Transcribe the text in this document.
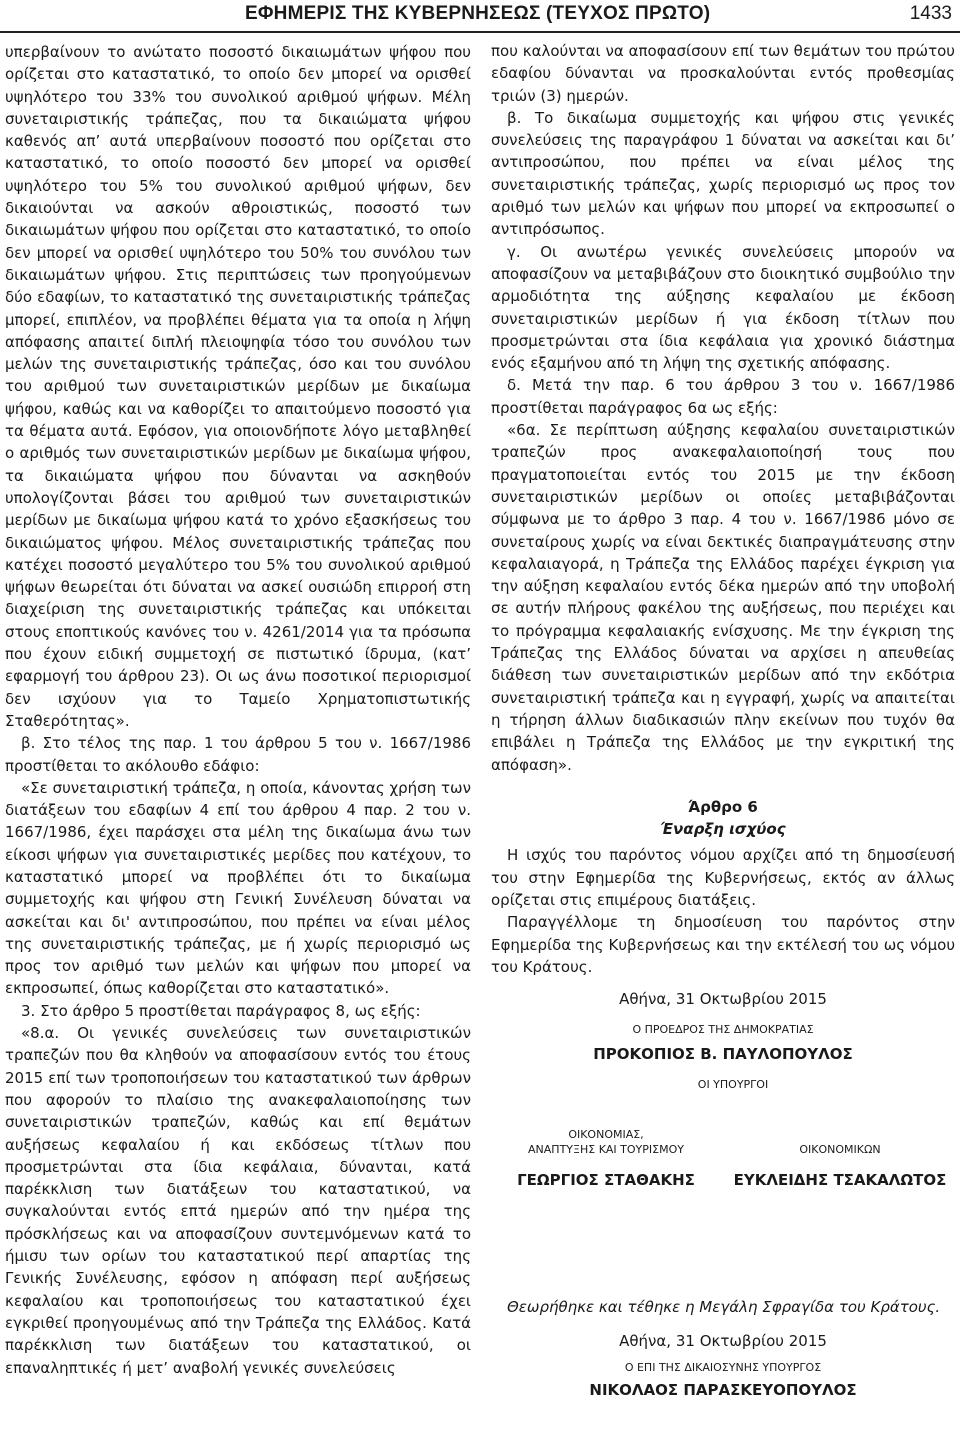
ΕΦΗΜΕΡΙΣ ΤΗΣ ΚΥΒΕΡΝΗΣΕΩΣ (ΤΕΥΧΟΣ ΠΡΩΤΟ)	1433

υπερβαίνουν το ανώτατο ποσοστό δικαιωμάτων ψήφου που ορίζεται στο καταστατικό, το οποίο δεν μπορεί να ορισθεί υψηλότερο του 33% του συνολικού αριθμού ψήφων. Μέλη συνεταιριστικής τράπεζας, που τα δικαιώματα ψήφου καθενός απ’ αυτά υπερβαίνουν ποσοστό που ορίζεται στο καταστατικό, το οποίο ποσοστό δεν μπορεί να ορισθεί υψηλότερο του 5% του συνολικού αριθμού ψήφων, δεν δικαιούνται να ασκούν αθροιστικώς, ποσοστό των δικαιωμάτων ψήφου που ορίζεται στο καταστατικό, το οποίο δεν μπορεί να ορισθεί υψηλότερο του 50% του συνόλου των δικαιωμάτων ψήφου. Στις περιπτώσεις των προηγούμενων δύο εδαφίων, το καταστατικό της συνεταιριστικής τράπεζας μπορεί, επιπλέον, να προβλέπει θέματα για τα οποία η λήψη απόφασης απαιτεί διπλή πλειοψηφία τόσο του συνόλου των μελών της συνεταιριστικής τράπεζας, όσο και του συνόλου του αριθμού των συνεταιριστικών μερίδων με δικαίωμα ψήφου, καθώς και να καθορίζει το απαιτούμενο ποσοστό για τα θέματα αυτά. Εφόσον, για οποιονδήποτε λόγο μεταβληθεί ο αριθμός των συνεταιριστικών μερίδων με δικαίωμα ψήφου, τα δικαιώματα ψήφου που δύνανται να ασκηθούν υπολογίζονται βάσει του αριθμού των συνεταιριστικών μερίδων με δικαίωμα ψήφου κατά το χρόνο εξασκήσεως του δικαιώματος ψήφου. Μέλος συνεταιριστικής τράπεζας που κατέχει ποσοστό μεγαλύτερο του 5% του συνολικού αριθμού ψήφων θεωρείται ότι δύναται να ασκεί ουσιώδη επιρροή στη διαχείριση της συνεταιριστικής τράπεζας και υπόκειται στους εποπτικούς κανόνες του ν. 4261/2014 για τα πρόσωπα που έχουν ειδική συμμετοχή σε πιστωτικό ίδρυμα, (κατ’ εφαρμογή του άρθρου 23). Οι ως άνω ποσοτικοί περιορισμοί δεν ισχύουν για το Ταμείο Χρηματοπιστωτικής Σταθερότητας».

β. Στο τέλος της παρ. 1 του άρθρου 5 του ν. 1667/1986 προστίθεται το ακόλουθο εδάφιο:

«Σε συνεταιριστική τράπεζα, η οποία, κάνοντας χρήση των διατάξεων του εδαφίων 4 επί του άρθρου 4 παρ. 2 του ν. 1667/1986, έχει παράσχει στα μέλη της δικαίωμα άνω των είκοσι ψήφων για συνεταιριστικές μερίδες που κατέχουν, το καταστατικό μπορεί να προβλέπει ότι το δικαίωμα συμμετοχής και ψήφου στη Γενική Συνέλευση δύναται να ασκείται και δι' αντιπροσώπου, που πρέπει να είναι μέλος της συνεταιριστικής τράπεζας, με ή χωρίς περιορισμό ως προς τον αριθμό των μελών και ψήφων που μπορεί να εκπροσωπεί, όπως καθορίζεται στο καταστατικό».

3. Στο άρθρο 5 προστίθεται παράγραφος 8, ως εξής:

«8.α. Οι γενικές συνελεύσεις των συνεταιριστικών τραπεζών που θα κληθούν να αποφασίσουν εντός του έτους 2015 επί των τροποποιήσεων του καταστατικού των άρθρων που αφορούν το πλαίσιο της ανακεφαλαιοποίησης των συνεταιριστικών τραπεζών, καθώς και επί θεμάτων αυξήσεως κεφαλαίου ή και εκδόσεως τίτλων που προσμετρώνται στα ίδια κεφάλαια, δύνανται, κατά παρέκκλιση των διατάξεων του καταστατικού, να συγκαλούνται εντός επτά ημερών από την ημέρα της πρόσκλήσεως και να αποφασίζουν συντεμνόμενων κατά το ήμισυ των ορίων του καταστατικού περί απαρτίας της Γενικής Συνέλευσης, εφόσον η απόφαση περί αυξήσεως κεφαλαίου και τροποποιήσεως του καταστατικού έχει εγκριθεί προηγουμένως από την Τράπεζα της Ελλάδος. Κατά παρέκκλιση των διατάξεων του καταστατικού, οι επαναληπτικές ή μετ’ αναβολή γενικές συνελεύσεις

που καλούνται να αποφασίσουν επί των θεμάτων του πρώτου εδαφίου δύνανται να προσκαλούνται εντός προθεσμίας τριών (3) ημερών.

β. Το δικαίωμα συμμετοχής και ψήφου στις γενικές συνελεύσεις της παραγράφου 1 δύναται να ασκείται και δι’ αντιπροσώπου, που πρέπει να είναι μέλος της συνεταιριστικής τράπεζας, χωρίς περιορισμό ως προς τον αριθμό των μελών και ψήφων που μπορεί να εκπροσωπεί ο αντιπρόσωπος.

γ. Οι ανωτέρω γενικές συνελεύσεις μπορούν να αποφασίζουν να μεταβιβάζουν στο διοικητικό συμβούλιο την αρμοδιότητα της αύξησης κεφαλαίου με έκδοση συνεταιριστικών μερίδων ή για έκδοση τίτλων που προσμετρώνται στα ίδια κεφάλαια για χρονικό διάστημα ενός εξαμήνου από τη λήψη της σχετικής απόφασης.

δ. Μετά την παρ. 6 του άρθρου 3 του ν. 1667/1986 προστίθεται παράγραφος 6α ως εξής:

«6α. Σε περίπτωση αύξησης κεφαλαίου συνεταιριστικών τραπεζών προς ανακεφαλαιοποίησή τους που πραγματοποιείται εντός του 2015 με την έκδοση συνεταιριστικών μερίδων οι οποίες μεταβιβάζονται σύμφωνα με το άρθρο 3 παρ. 4 του ν. 1667/1986 μόνο σε συνεταίρους χωρίς να είναι δεκτικές διαπραγμάτευσης στην κεφαλαιαγορά, η Τράπεζα της Ελλάδος παρέχει έγκριση για την αύξηση κεφαλαίου εντός δέκα ημερών από την υποβολή σε αυτήν πλήρους φακέλου της αυξήσεως, που περιέχει και το πρόγραμμα κεφαλαιακής ενίσχυσης. Με την έγκριση της Τράπεζας της Ελλάδος δύναται να αρχίσει η απευθείας διάθεση των συνεταιριστικών μερίδων από την εκδότρια συνεταιριστική τράπεζα και η εγγραφή, χωρίς να απαιτείται η τήρηση άλλων διαδικασιών πλην εκείνων που τυχόν θα επιβάλει η Τράπεζα της Ελλάδος με την εγκριτική της απόφαση».

Άρθρο 6

Έναρξη ισχύος

Η ισχύς του παρόντος νόμου αρχίζει από τη δημοσίευσή του στην Εφημερίδα της Κυβερνήσεως, εκτός αν άλλως ορίζεται στις επιμέρους διατάξεις.

Παραγγέλλομε τη δημοσίευση του παρόντος στην Εφημερίδα της Κυβερνήσεως και την εκτέλεσή του ως νόμου του Κράτους.

Αθήνα, 31 Οκτωβρίου 2015
Ο ΠΡΟΕΔΡΟΣ ΤΗΣ ΔΗΜΟΚΡΑΤΙΑΣ
ΠΡΟΚΟΠΙΟΣ Β. ΠΑΥΛΟΠΟΥΛΟΣ
ΟΙ ΥΠΟΥΡΓΟΙ
ΟΙΚΟΝΟΜΙΑΣ,
ΑΝΑΠΤΥΞΗΣ ΚΑΙ ΤΟΥΡΙΣΜΟΥ
ΓΕΩΡΓΙΟΣ ΣΤΑΘΑΚΗΣ
ΟΙΚΟΝΟΜΙΚΩΝ
ΕΥΚΛΕΙΔΗΣ ΤΣΑΚΑΛΩΤΟΣ
Θεωρήθηκε και τέθηκε η Μεγάλη Σφραγίδα του Κράτους.
Αθήνα, 31 Οκτωβρίου 2015
Ο ΕΠΙ ΤΗΣ ΔΙΚΑΙΟΣΥΝΗΣ ΥΠΟΥΡΓΟΣ
ΝΙΚΟΛΑΟΣ ΠΑΡΑΣΚΕΥΟΠΟΥΛΟΣ
